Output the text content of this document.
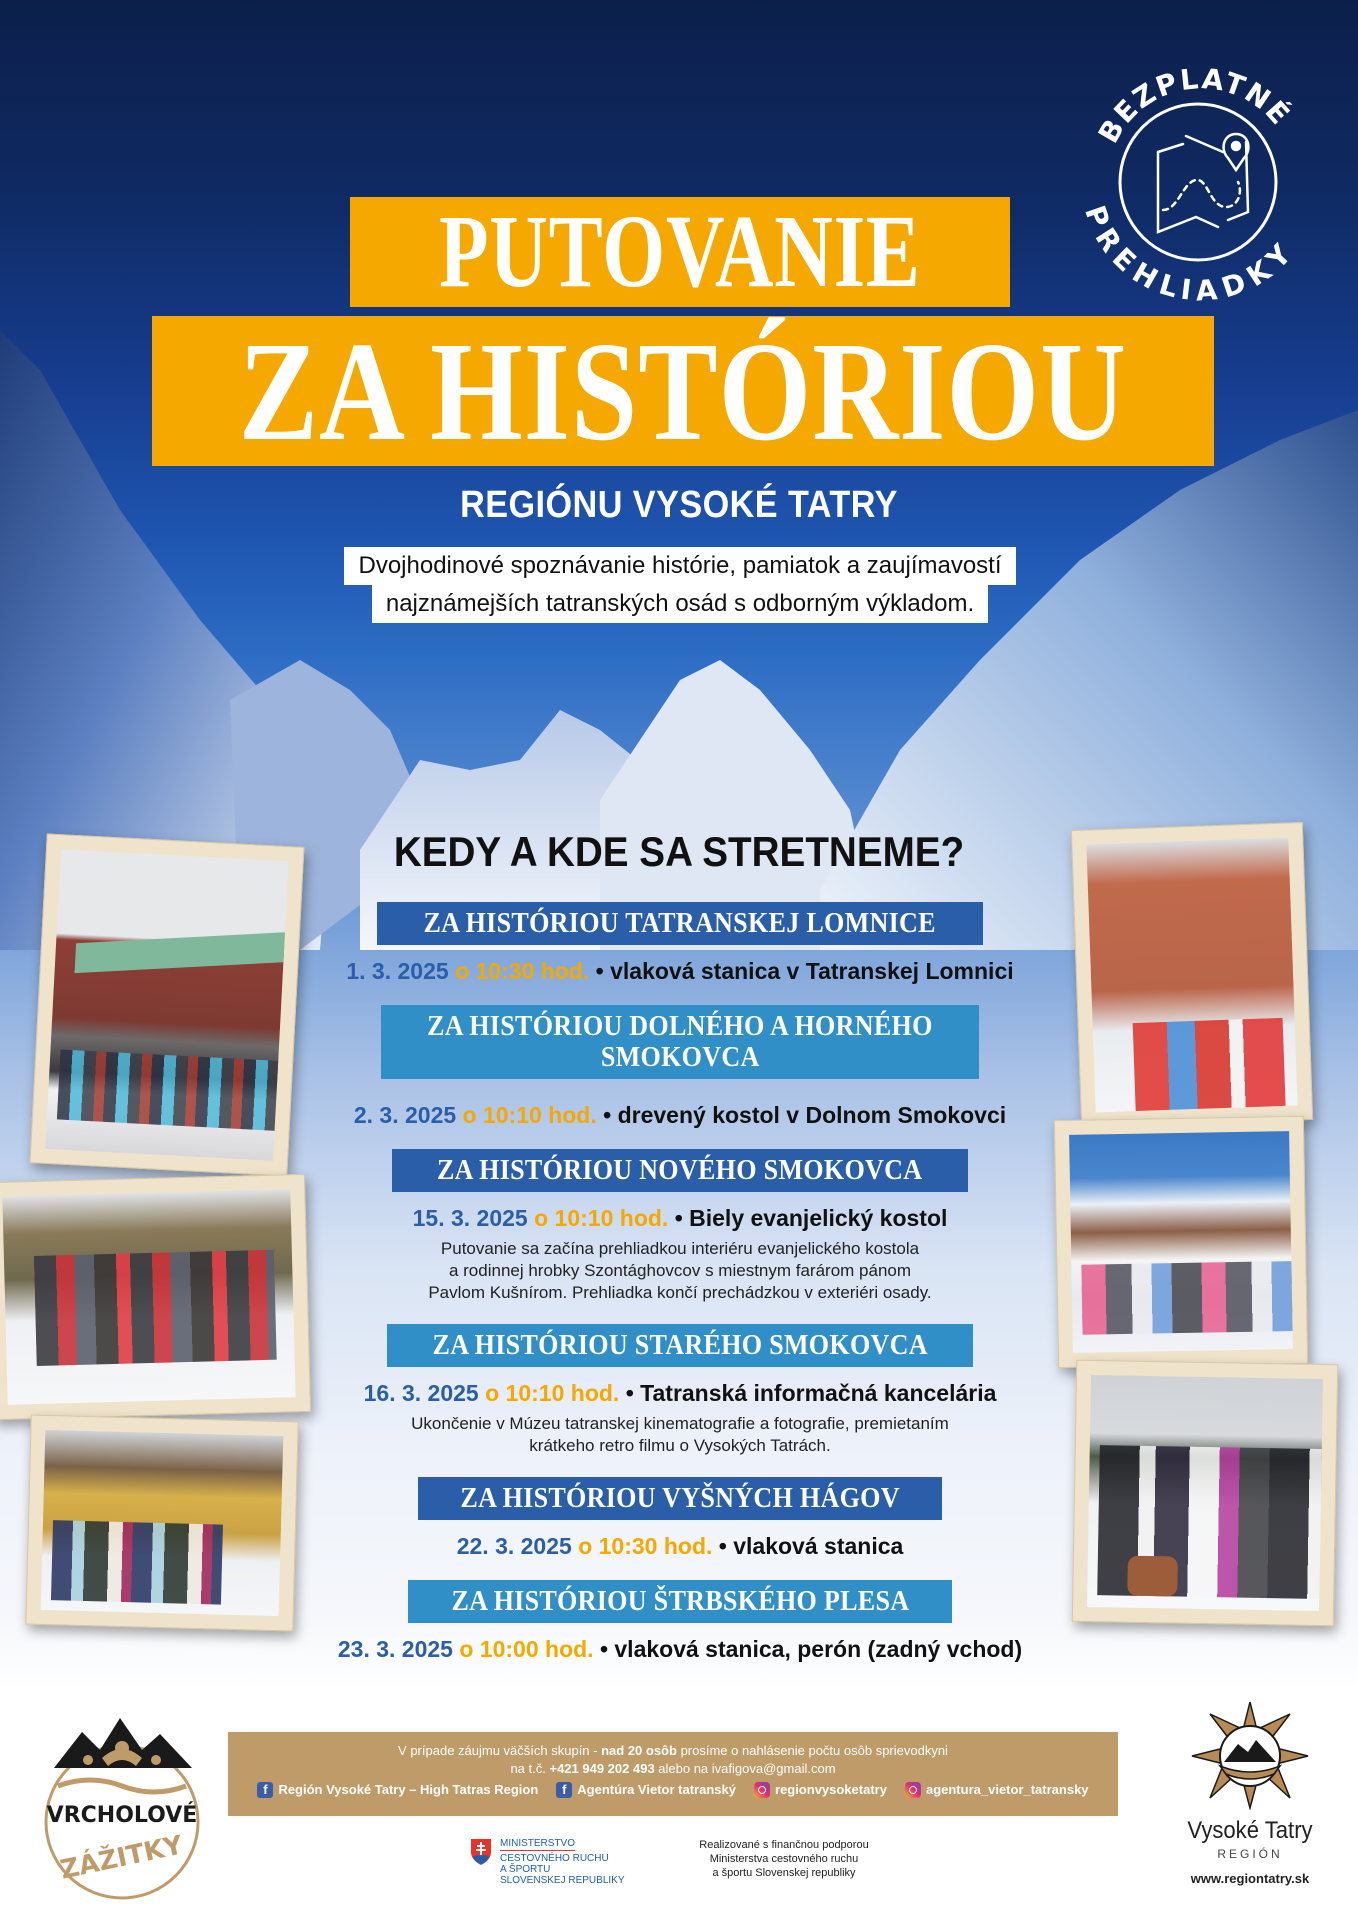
BEZPLATNÉ
PREHLIADKY
PUTOVANIE
ZA HISTÓRIOU
REGIÓNU VYSOKÉ TATRY
Dvojhodinové spoznávanie histórie, pamiatok a zaujímavostí
najznámejších tatranských osád s odborným výkladom.
KEDY A KDE SA STRETNEME?
ZA HISTÓRIOU TATRANSKEJ LOMNICE
1. 3. 2025 o 10:30 hod. • vlaková stanica v Tatranskej Lomnici
ZA HISTÓRIOU DOLNÉHO A HORNÉHO
SMOKOVCA
2. 3. 2025 o 10:10 hod. • drevený kostol v Dolnom Smokovci
ZA HISTÓRIOU NOVÉHO SMOKOVCA
15. 3. 2025 o 10:10 hod. • Biely evanjelický kostol
Putovanie sa začína prehliadkou interiéru evanjelického kostola
a rodinnej hrobky Szontághovcov s miestnym farárom pánom
Pavlom Kušnírom. Prehliadka končí prechádzkou v exteriéri osady.
ZA HISTÓRIOU STARÉHO SMOKOVCA
16. 3. 2025 o 10:10 hod. • Tatranská informačná kancelária
Ukončenie v Múzeu tatranskej kinematografie a fotografie, premietaním
krátkeho retro filmu o Vysokých Tatrách.
ZA HISTÓRIOU VYŠNÝCH HÁGOV
22. 3. 2025 o 10:30 hod. • vlaková stanica
ZA HISTÓRIOU ŠTRBSKÉHO PLESA
23. 3. 2025 o 10:00 hod. • vlaková stanica, perón (zadný vchod)
V prípade záujmu väčších skupín - nad 20 osôb prosíme o nahlásenie počtu osôb sprievodkyni
na t.č. +421 949 202 493 alebo na ivafigova@gmail.com
f Región Vysoké Tatry – High Tatras Region	f Agentúra Vietor tatranský	regionvysoketatry	agentura_vietor_tatransky
MINISTERSTVO
CESTOVNÉHO RUCHU
A ŠPORTU
SLOVENSKEJ REPUBLIKY
Realizované s finančnou podporou
Ministerstva cestovného ruchu
a športu Slovenskej republiky
VRCHOLOVÉ
ZÁŽITKY	Vysoké Tatry
REGIÓN
www.regiontatry.sk
